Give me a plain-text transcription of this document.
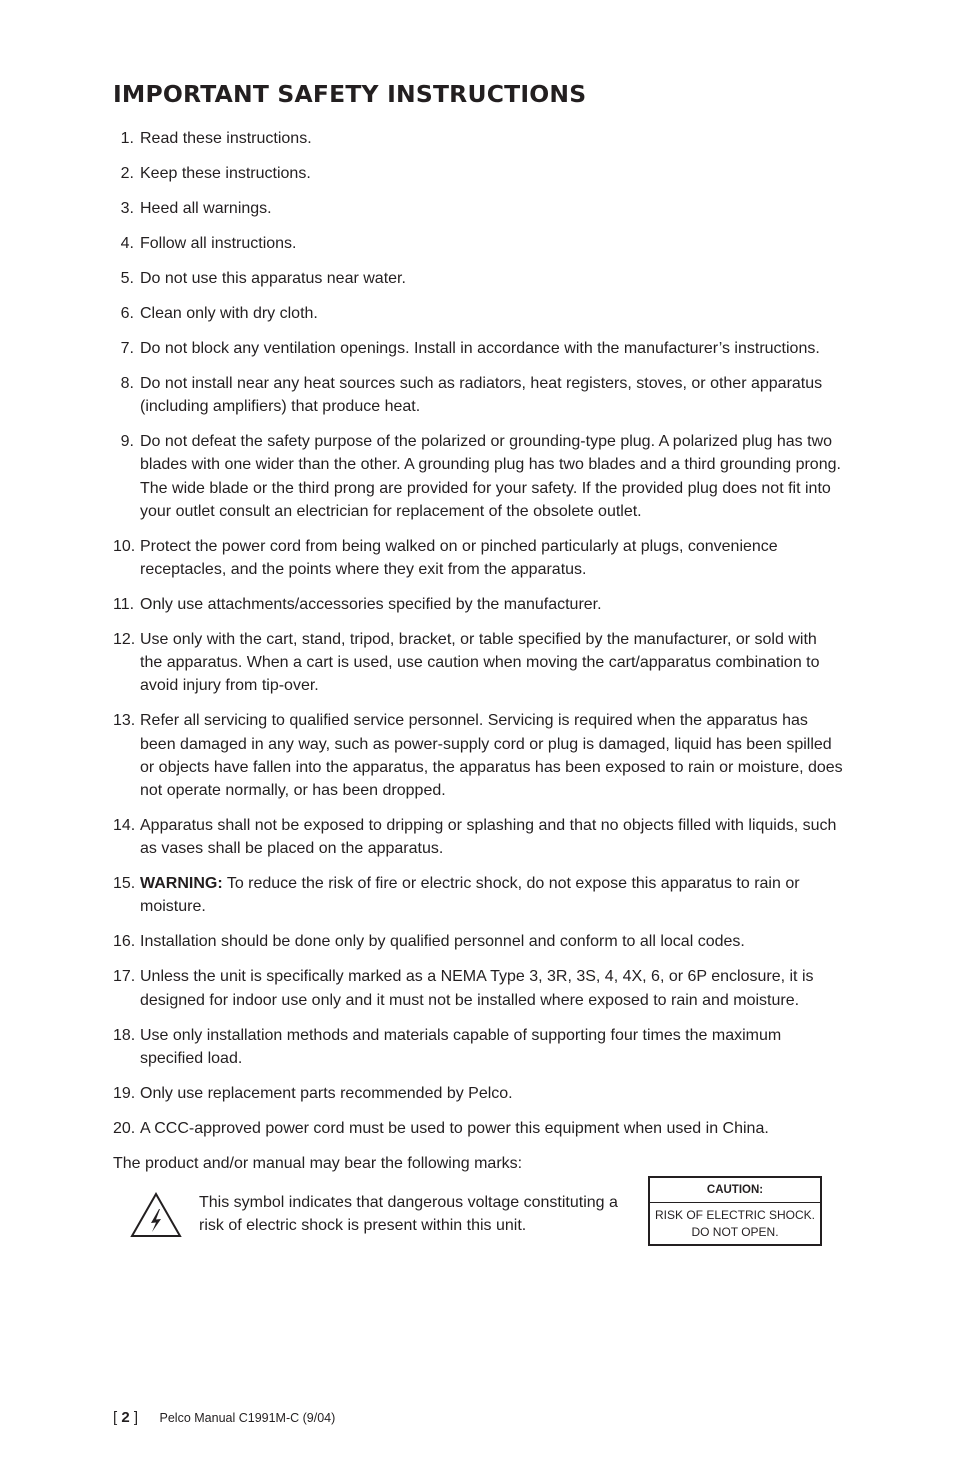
IMPORTANT SAFETY INSTRUCTIONS
1. Read these instructions.
2. Keep these instructions.
3. Heed all warnings.
4. Follow all instructions.
5. Do not use this apparatus near water.
6. Clean only with dry cloth.
7. Do not block any ventilation openings. Install in accordance with the manufacturer’s instructions.
8. Do not install near any heat sources such as radiators, heat registers, stoves, or other apparatus (including amplifiers) that produce heat.
9. Do not defeat the safety purpose of the polarized or grounding-type plug. A polarized plug has two blades with one wider than the other. A grounding plug has two blades and a third grounding prong. The wide blade or the third prong are provided for your safety. If the provided plug does not fit into your outlet consult an electrician for replacement of the obsolete outlet.
10. Protect the power cord from being walked on or pinched particularly at plugs, convenience receptacles, and the points where they exit from the apparatus.
11. Only use attachments/accessories specified by the manufacturer.
12. Use only with the cart, stand, tripod, bracket, or table specified by the manufacturer, or sold with the apparatus. When a cart is used, use caution when moving the cart/apparatus combination to avoid injury from tip-over.
13. Refer all servicing to qualified service personnel. Servicing is required when the apparatus has been damaged in any way, such as power-supply cord or plug is damaged, liquid has been spilled or objects have fallen into the apparatus, the apparatus has been exposed to rain or moisture, does not operate normally, or has been dropped.
14. Apparatus shall not be exposed to dripping or splashing and that no objects filled with liquids, such as vases shall be placed on the apparatus.
15. WARNING: To reduce the risk of fire or electric shock, do not expose this apparatus to rain or moisture.
16. Installation should be done only by qualified personnel and conform to all local codes.
17. Unless the unit is specifically marked as a NEMA Type 3, 3R, 3S, 4, 4X, 6, or 6P enclosure, it is designed for indoor use only and it must not be installed where exposed to rain and moisture.
18. Use only installation methods and materials capable of supporting four times the maximum specified load.
19. Only use replacement parts recommended by Pelco.
20. A CCC-approved power cord must be used to power this equipment when used in China.
The product and/or manual may bear the following marks:
This symbol indicates that dangerous voltage constituting a risk of electric shock is present within this unit.
CAUTION:
RISK OF ELECTRIC SHOCK.
DO NOT OPEN.
[ 2 ] Pelco Manual C1991M-C (9/04)
